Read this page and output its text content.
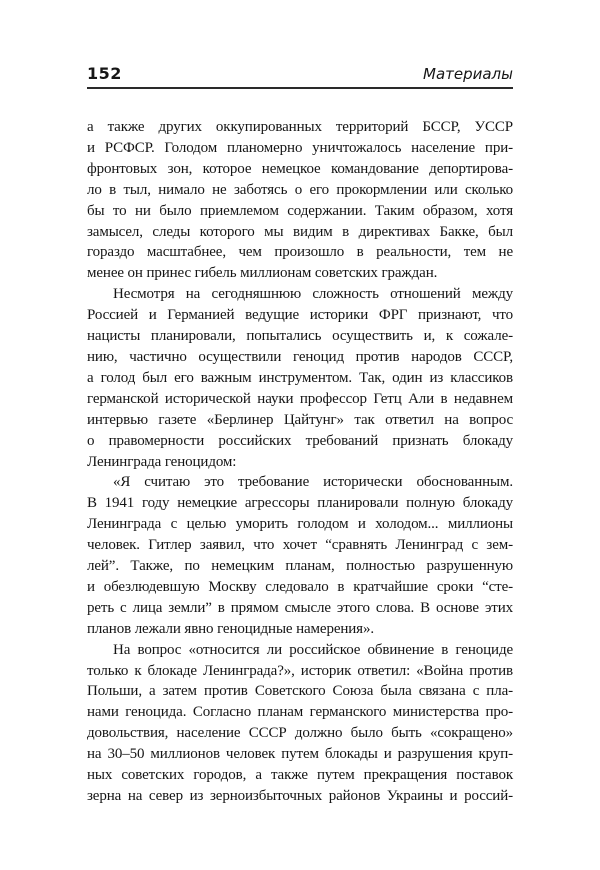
152	Материалы
а также других оккупированных территорий БССР, УССР
и РСФСР. Голодом планомерно уничтожалось население при-
фронтовых зон, которое немецкое командование депортирова-
ло в тыл, нимало не заботясь о его прокормлении или сколько
бы то ни было приемлемом содержании. Таким образом, хотя
замысел, следы которого мы видим в директивах Бакке, был
гораздо масштабнее, чем произошло в реальности, тем не
менее он принес гибель миллионам советских граждан.
Несмотря на сегодняшнюю сложность отношений между
Россией и Германией ведущие историки ФРГ признают, что
нацисты планировали, попытались осуществить и, к сожале-
нию, частично осуществили геноцид против народов СССР,
а голод был его важным инструментом. Так, один из классиков
германской исторической науки профессор Гетц Али в недавнем
интервью газете «Берлинер Цайтунг» так ответил на вопрос
о правомерности российских требований признать блокаду
Ленинграда геноцидом:
«Я считаю это требование исторически обоснованным.
В 1941 году немецкие агрессоры планировали полную блокаду
Ленинграда с целью уморить голодом и холодом... миллионы
человек. Гитлер заявил, что хочет “сравнять Ленинград с зем-
лей”. Также, по немецким планам, полностью разрушенную
и обезлюдевшую Москву следовало в кратчайшие сроки “сте-
реть с лица земли” в прямом смысле этого слова. В основе этих
планов лежали явно геноцидные намерения».
На вопрос «относится ли российское обвинение в геноциде
только к блокаде Ленинграда?», историк ответил: «Война против
Польши, а затем против Советского Союза была связана с пла-
нами геноцида. Согласно планам германского министерства про-
довольствия, население СССР должно было быть «сокращено»
на 30–50 миллионов человек путем блокады и разрушения круп-
ных советских городов, а также путем прекращения поставок
зерна на север из зерноизбыточных районов Украины и россий-
